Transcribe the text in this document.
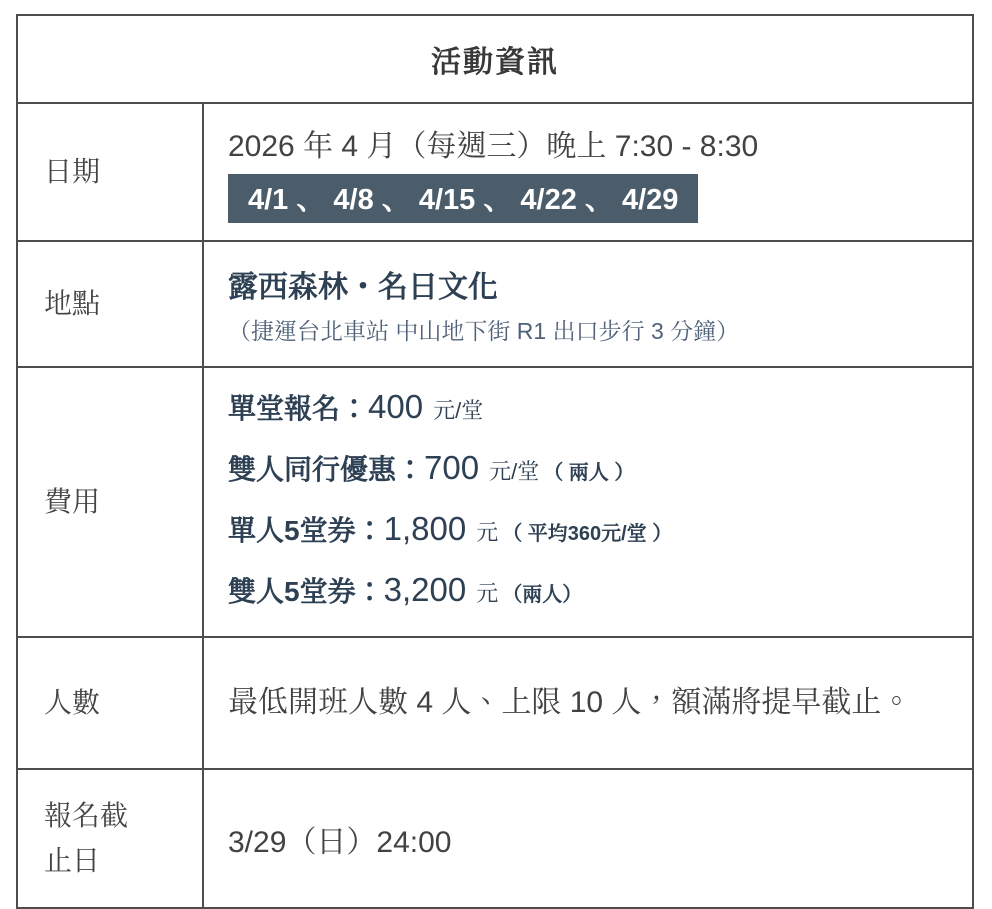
活動資訊
日期
2026 年 4 月（每週三）晚上 7:30 - 8:30
4/1 、 4/8 、 4/15 、 4/22 、 4/29
地點	露西森林・名日文化
（捷運台北車站 中山地下街 R1 出口步行 3 分鐘）
費用
單堂報名：400 元/堂
雙人同行優惠：700 元/堂 （ 兩人 ）
單人5堂券：1,800 元 （ 平均360元/堂 ）
雙人5堂券：3,200 元 （兩人）
人數	最低開班人數 4 人、上限 10 人，額滿將提早截止。
報名截止日
3/29（日）24:00
